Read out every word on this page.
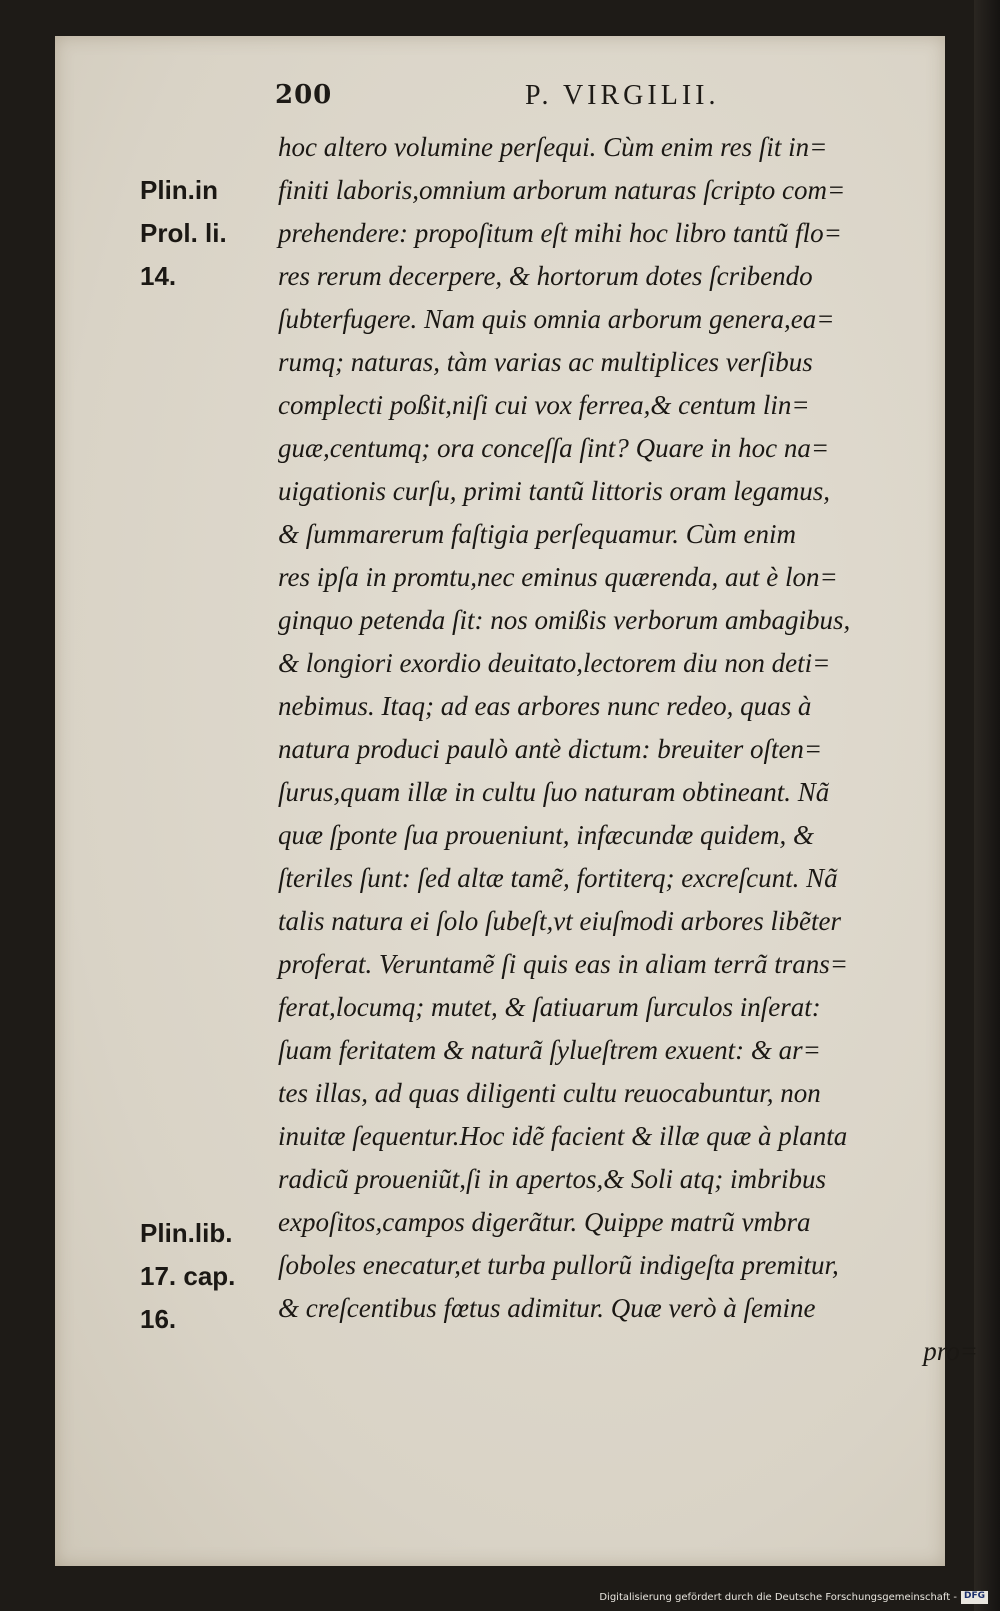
200	P. VIRGILII.
hoc altero volumine perſequi. Cùm enim res ſit in=
finiti laboris,omnium arborum naturas ſcripto com=
prehendere: propoſitum eſt mihi hoc libro tantũ flo=
res rerum decerpere, & hortorum dotes ſcribendo
ſubterfugere. Nam quis omnia arborum genera,ea=
rumq; naturas, tàm varias ac multiplices verſibus
complecti poßit,niſi cui vox ferrea,& centum lin=
guæ,centumq; ora conceſſa ſint? Quare in hoc na=
uigationis curſu, primi tantũ littoris oram legamus,
& ſummarerum faſtigia perſequamur. Cùm enim
res ipſa in promtu,nec eminus quærenda, aut è lon=
ginquo petenda ſit: nos omißis verborum ambagibus,
& longiori exordio deuitato,lectorem diu non deti=
nebimus. Itaq; ad eas arbores nunc redeo, quas à
natura produci paulò antè dictum: breuiter oſten=
ſurus,quam illæ in cultu ſuo naturam obtineant. Nã
quæ ſponte ſua proueniunt, infæcundæ quidem, &
ſteriles ſunt: ſed altæ tamẽ, fortiterq; excreſcunt. Nã
talis natura ei ſolo ſubeſt,vt eiuſmodi arbores libẽter
proferat. Veruntamẽ ſi quis eas in aliam terrã trans=
ferat,locumq; mutet, & ſatiuarum ſurculos inſerat:
ſuam feritatem & naturã ſylueſtrem exuent: & ar=
tes illas, ad quas diligenti cultu reuocabuntur, non
inuitæ ſequentur.Hoc idẽ facient & illæ quæ à planta
radicũ proueniũt,ſi in apertos,& Soli atq; imbribus
expoſitos,campos digerãtur. Quippe matrũ vmbra
ſoboles enecatur,et turba pullorũ indigeſta premitur,
& creſcentibus fœtus adimitur. Quæ verò à ſemine
pro=
Plin.in
Prol. li.
14.
Plin.lib.
17. cap.
16.
Digitalisierung gefördert durch die Deutsche Forschungsgemeinschaft - DFG
